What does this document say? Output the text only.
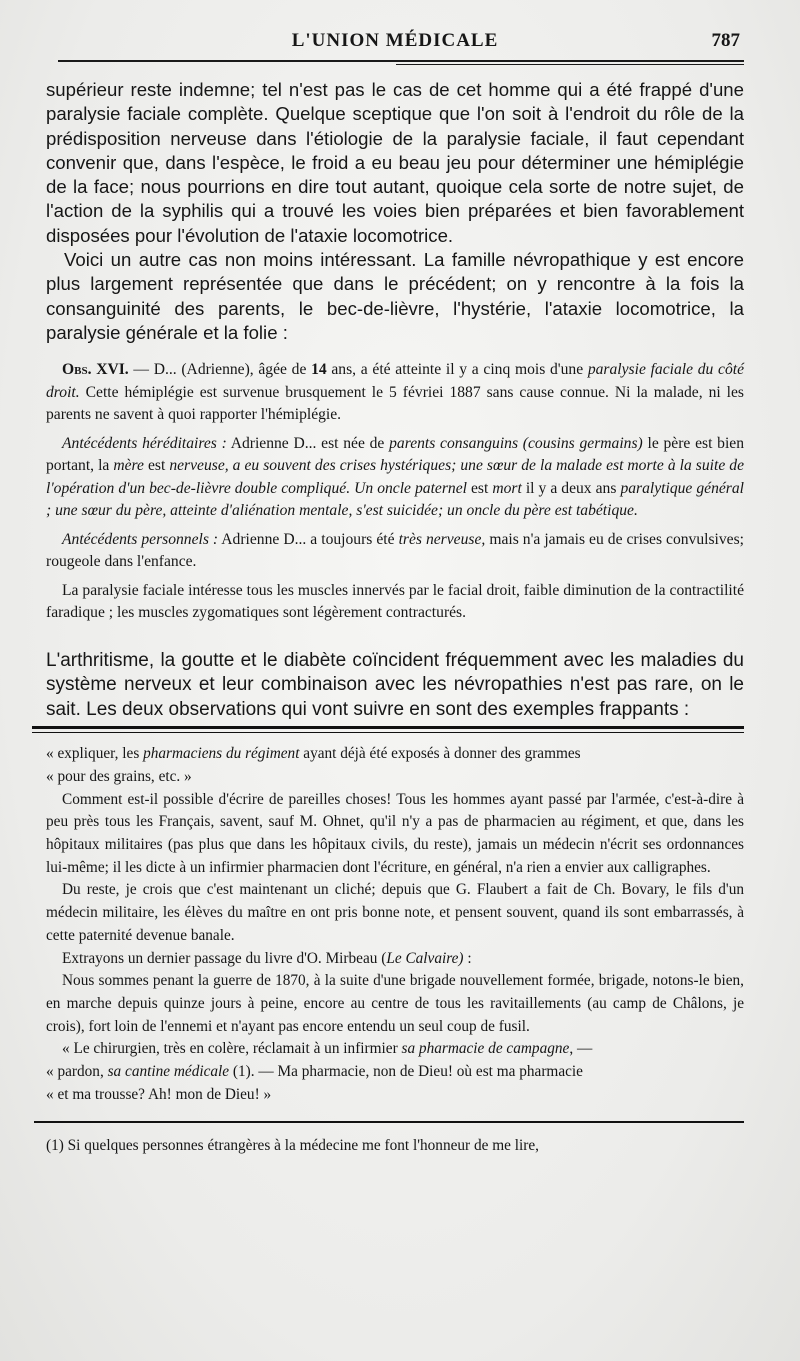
L'UNION MÉDICALE	787

supérieur reste indemne; tel n'est pas le cas de cet homme qui a été frappé d'une paralysie faciale complète. Quelque sceptique que l'on soit à l'endroit du rôle de la prédisposition nerveuse dans l'étiologie de la paralysie faciale, il faut cependant convenir que, dans l'espèce, le froid a eu beau jeu pour déterminer une hémiplégie de la face; nous pourrions en dire tout autant, quoique cela sorte de notre sujet, de l'action de la syphilis qui a trouvé les voies bien préparées et bien favorablement disposées pour l'évolution de l'ataxie locomotrice.

Voici un autre cas non moins intéressant. La famille névropathique y est encore plus largement représentée que dans le précédent; on y rencontre à la fois la consanguinité des parents, le bec-de-lièvre, l'hystérie, l'ataxie locomotrice, la paralysie générale et la folie :

Obs. XVI. — D... (Adrienne), âgée de 14 ans, a été atteinte il y a cinq mois d'une paralysie faciale du côté droit. Cette hémiplégie est survenue brusquement le 5 févriei 1887 sans cause connue. Ni la malade, ni les parents ne savent à quoi rapporter l'hémiplégie.

Antécédents héréditaires : Adrienne D... est née de parents consanguins (cousins germains) le père est bien portant, la mère est nerveuse, a eu souvent des crises hystériques; une sœur de la malade est morte à la suite de l'opération d'un bec-de-lièvre double compliqué. Un oncle paternel est mort il y a deux ans paralytique général ; une sœur du père, atteinte d'aliénation mentale, s'est suicidée; un oncle du père est tabétique.

Antécédents personnels : Adrienne D... a toujours été très nerveuse, mais n'a jamais eu de crises convulsives; rougeole dans l'enfance.

La paralysie faciale intéresse tous les muscles innervés par le facial droit, faible diminution de la contractilité faradique ; les muscles zygomatiques sont légèrement contracturés.

L'arthritisme, la goutte et le diabète coïncident fréquemment avec les maladies du système nerveux et leur combinaison avec les névropathies n'est pas rare, on le sait. Les deux observations qui vont suivre en sont des exemples frappants :

« expliquer, les pharmaciens du régiment ayant déjà été exposés à donner des grammes

« pour des grains, etc. »

Comment est-il possible d'écrire de pareilles choses! Tous les hommes ayant passé par l'armée, c'est-à-dire à peu près tous les Français, savent, sauf M. Ohnet, qu'il n'y a pas de pharmacien au régiment, et que, dans les hôpitaux militaires (pas plus que dans les hôpitaux civils, du reste), jamais un médecin n'écrit ses ordonnances lui-même; il les dicte à un infirmier pharmacien dont l'écriture, en général, n'a rien a envier aux calligraphes.

Du reste, je crois que c'est maintenant un cliché; depuis que G. Flaubert a fait de Ch. Bovary, le fils d'un médecin militaire, les élèves du maître en ont pris bonne note, et pensent souvent, quand ils sont embarrassés, à cette paternité devenue banale.

Extrayons un dernier passage du livre d'O. Mirbeau (Le Calvaire) :

Nous sommes penant la guerre de 1870, à la suite d'une brigade nouvellement formée, brigade, notons-le bien, en marche depuis quinze jours à peine, encore au centre de tous les ravitaillements (au camp de Châlons, je crois), fort loin de l'ennemi et n'ayant pas encore entendu un seul coup de fusil.

« Le chirurgien, très en colère, réclamait à un infirmier sa pharmacie de campagne, —

« pardon, sa cantine médicale (1). — Ma pharmacie, non de Dieu! où est ma pharmacie

« et ma trousse? Ah! mon de Dieu! »

(1) Si quelques personnes étrangères à la médecine me font l'honneur de me lire,
